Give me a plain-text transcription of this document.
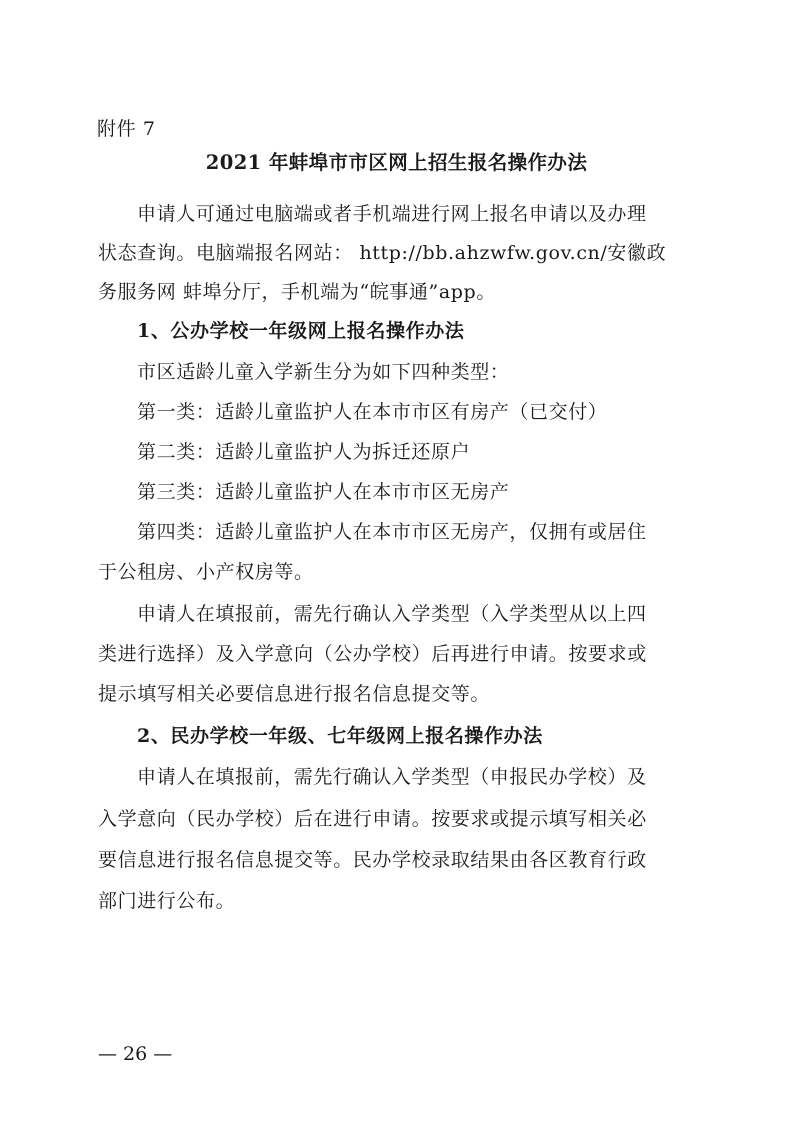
附件 7
2021 年蚌埠市市区网上招生报名操作办法
申请人可通过电脑端或者手机端进行网上报名申请以及办理
状态查询。电脑端报名网站： http://bb.ahzwfw.gov.cn/安徽政
务服务网 蚌埠分厅，手机端为“皖事通”app。
1、公办学校一年级网上报名操作办法
市区适龄儿童入学新生分为如下四种类型：
第一类：适龄儿童监护人在本市市区有房产（已交付）
第二类：适龄儿童监护人为拆迁还原户
第三类：适龄儿童监护人在本市市区无房产
第四类：适龄儿童监护人在本市市区无房产，仅拥有或居住
于公租房、小产权房等。
申请人在填报前，需先行确认入学类型（入学类型从以上四
类进行选择）及入学意向（公办学校）后再进行申请。按要求或
提示填写相关必要信息进行报名信息提交等。
2、民办学校一年级、七年级网上报名操作办法
申请人在填报前，需先行确认入学类型（申报民办学校）及
入学意向（民办学校）后在进行申请。按要求或提示填写相关必
要信息进行报名信息提交等。民办学校录取结果由各区教育行政
部门进行公布。
— 26 —
